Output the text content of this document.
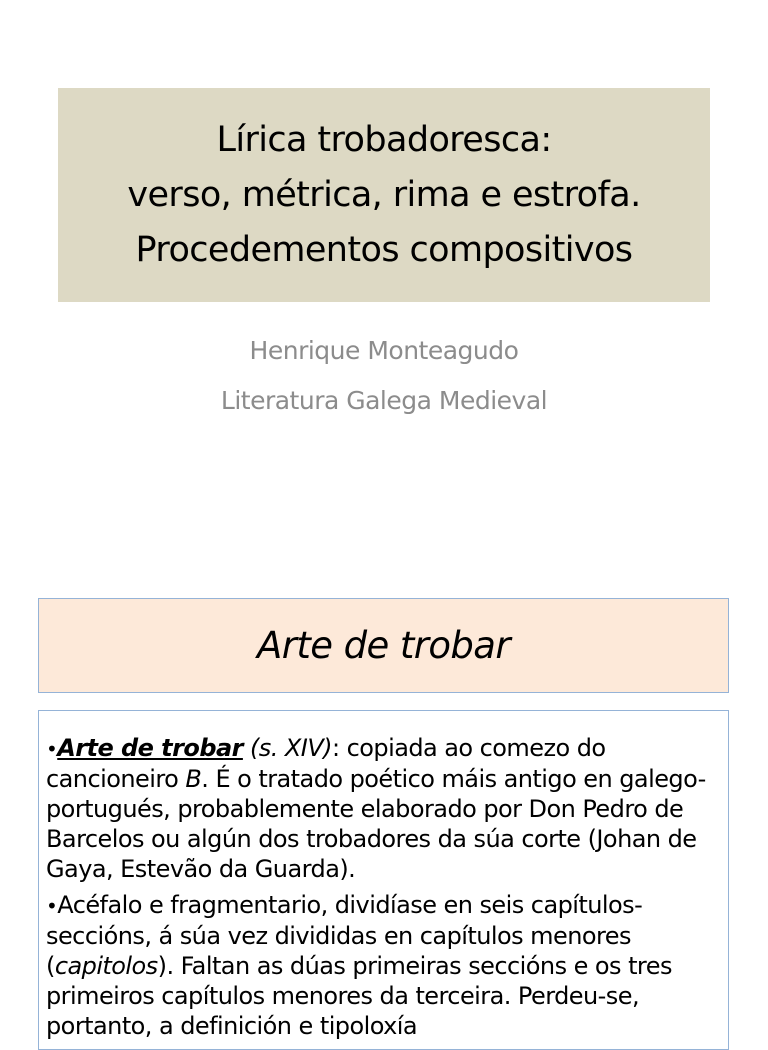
Lírica trobadoresca:
verso, métrica, rima e estrofa.
Procedementos compositivos
Henrique Monteagudo
Literatura Galega Medieval
Arte de trobar

•Arte de trobar (s. XIV): copiada ao comezo do cancioneiro B. É o tratado poético máis antigo en galego-portugués, probablemente elaborado por Don Pedro de Barcelos ou algún dos trobadores da súa corte (Johan de Gaya, Estevão da Guarda).

•Acéfalo e fragmentario, dividíase en seis capítulos-seccións, á súa vez divididas en capítulos menores (capitolos). Faltan as dúas primeiras seccións e os tres primeiros capítulos menores da terceira. Perdeu-se, portanto, a definición e tipoloxía
